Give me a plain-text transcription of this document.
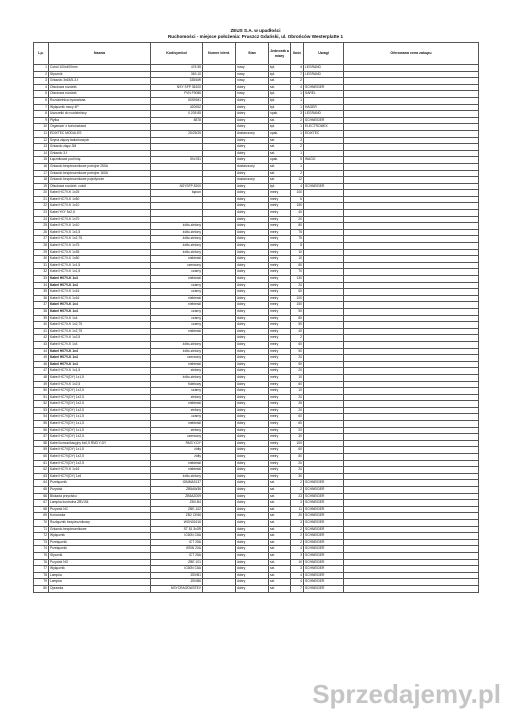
ZEUS S.A. w upadłości
Ruchomości - miejsce położenia: Pruszcz Gdański, ul. Obrońców Westerplatte 1
Lp.	Nazwa	Kod/symbol	Numer ident.	Stan	Jednostk a miary	Ilość	Uwagi	Oferowana cena zakupu
1	Cokół 100x400mm	476 55		nowy	kpl.	4	LEGRAND	
2	Styczník	363 10		nowy	kpl.	7	LEGRAND	
3	Gniazdo 3x63/5-3-f	335/6W		nowy	szt.	2		
4	Obudowa rozdziel.	NSY SFP 36100		dobry	szt.	4	SCHNEIDER	
5	Obudowa rozdziel.	FVN F9086		nowy	kpl.	1	SAREL	
6	Rozdzielnica bydowlańa	50SHM1		dobry	kpl.	1		
7	Wyłącznik mocy 4P	42005Z		dobry	kpl.	1	HAGER	
8	Uszczelki do rozdzielnicy	0 205 85		dobry	opak.	3	LEGRAND	
9	Płytka	8878		dobry	szt.	2	SCHNEIDER	
10	Organizer z końcówkami			dobry	kpl.	1	ELECTROMEX	
11	EDIXTEC MODULES	25/25/25		dostarczony	opak.	1	EDIXTEC	
12	Szyna złączy ładunkowych			dobry	szt.	3		
13	Gniazdo złącz.3M			dobry	szt.	2		
14	Gniazdo 3-f			dobry	szt.	1		
15	Łącznikowa pod linię	50x781		dobry	opak.	5	WAGO	
16	Gniazdo bezpiecznikowe potrójne 250A			dostarczony	szt.	1		
17	Gniazdo bezpiecznikowe potrójne 160A			dobry	szt.	2		
18	Gniazdo bezpiecznikowe pojedyncze			dostarczony	szt.	12		
19	Obudowa rozdziel. cokół	NSYSFP 8200		dobry	kpl.	4	SCHNEIDER	
20	Kabel HC7V-K 1x25	bębon		dobry	metry	100		
21	Kabel HC7V-K 1x50			dobry	metry	6		
22	Kabel HC7V-K 1x10			dobry	metry	150		
23	Kabel YKY 5x2,5			dobry	metry	40		
24	Kabel HC7V-K 1x70			dobry	metry	20		
25	Kabel HC7V-K 1x10	żółto-zielony		dobry	metry	80		
26	Kabel HC7V-K 1x1,5	żółto-zielony		dobry	metry	75		
27	Kabel HC7V-K 1x2,75	żółto-zielony		dobry	metry	75		
28	Kabel HC7V-K 1x75	żółto-zielony		dobry	metry	8		
29	Kabel HC7V-K 1x35	żółto-zielony		dobry	metry	10		
30	Kabel HC7V-K 1x50	niebieski		dobry	metry	10		
31	Kabel HC7V-K 1x1,5	czerwony		dobry	metry	80		
32	Kabel HC7V-K 1x1,5	czarny		dobry	metry	70		
33	Kabel H07V-K 1x4	niebieski		dobry	metry	130		
34	Kabel H07V-K 1x4	czarny		dobry	metry	20		
35	Kabel HC7V-K 1x16	czarny		dobry	metry	60		
36	Kabel HC7V-K 1x16	niebieski		dobry	metry	100		
37	Kabel H07V-K 1x4	niebieski		dobry	metry	150		
38	Kabel H07V-K 1x4	czarny		dobry	metry	50		
39	Kabel HC7V-K 1x4	czarny		dobry	metry	80		
40	Kabel HC7V-K 1x2,75	czarny		dobry	metry	50		
41	Kabel HC7V-K 1x2,75	niebieski		dobry	metry	40		
42	Kabel HC7V-K 1x2,5			dobry	metry	2		
43	Kabel HC7V-K 1x4	żółto-zielony		dobry	metry	60		
44	Kabel H07V-K 1x4	żółto-zielony		dobry	metry	50		
45	Kabel H07V-K 1x4	czerwony		dobry	metry	20		
46	Kabel H07V-K 1x4	niebieski		dobry	metry	50		
47	Kabel HC7V-K 1x1,5	zielony		dobry	metry	20		
48	Kabel HC7V(DY) 1x1,5	żółto-zielony		dobry	metry	10		
49	Kabel HC7V-K 1x2,5	fioletowy		dobry	metry	60		
50	Kabel HC7V(DY) 1x2,5	czarny		dobry	metry	10		
51	Kabel HC7V(DY) 1x2,5	zielony		dobry	metry	20		
52	Kabel HC7V(DY) 1x2,5	niebieski		dobry	metry	25		
53	Kabel HC7V(DY) 1x2,5	zielony		dobry	metry	20		
54	Kabel HC7V(DY) 1x1,5	czarny		dobry	metry	60		
55	Kabel HC7V(DY) 1x1,5	niebieski		dobry	metry	60		
56	Kabel HC7V(DY) 1x1,5	zielony		dobry	metry	20		
57	Kabel HC7V(DY) 1x2,5	czerwony		dobry	metry	30		
58	Kabel komunikacyjny 6x0,5 RM3 Y-DY	RM3 Y-DY		dobry	metry	100		
59	Kabel HC7V(DY) 1x1,5	żółty		dobry	metry	60		
60	Kabel HC7V(DY) 1x2,5	żółty		dobry	metry	80		
61	Kabel HC7V(DY) 1x2,5	niebieski		dobry	metry	20		
62	Kabel HC7V-K 1x16	niebieski		dobry	metry	20		
63	Kabel HC7V(DY) 1x6	żółto-zielony		dobry	metry	30		
64	Przełącznik	IDMMA3137		dobry	szt.	2	SCHNEIDER	
65	Przycisk	ZB5AW36		dobry	szt.	2	SCHNEIDER	
66	Blokada przycisku	ZB5AZ009		dobry	szt.	23	SCHNEIDER	
67	Lampka kontrolna ZBV-B4	ZBV-B4		dobry	szt.	3	SCHNEIDER	
68	Przycisk NC	ZBE-102		dobry	szt.	11	SCHNEIDER	
69	Końcówka	ZB2 CE66		dobry	szt.	20	SCHNEIDER	
70	Rozłącznik bezpiecznikowy	WGN01616		dobry	szt.	3	SCHNEIDER	
71	Gniazdo bezpiecznikowe	ST 51 3x3R		dobry	szt.	2	SCHNEIDER	
72	Wyłącznik	IC60N C6A		dobry	szt.	2	SCHNEIDER	
73	Przełącznik	ICT 25A		dobry	szt.	2	SCHNEIDER	
74	Przełącznik	ISSW 20A		dobry	szt.	4	SCHNEIDER	
75	Stycznik	ICT 25A		dobry	szt.	3	SCHNEIDER	
76	Przycisk NO	ZBE 101		dobry	szt.	10	SCHNEIDER	
77	Wyłącznik	IC60N C6A		dobry	szt.	3	SCHNEIDER	
78	Lampka	ZBVB1		dobry	szt.	4	SCHNEIDER	
79	Lampka	ZBVB6		dobry	szt.	4	SCHNEIDER	
80	Oprawka	NSYCRAODW3TEV		dobry	szt.	7	SCHNEIDER	
Sprzedajemy.pl
